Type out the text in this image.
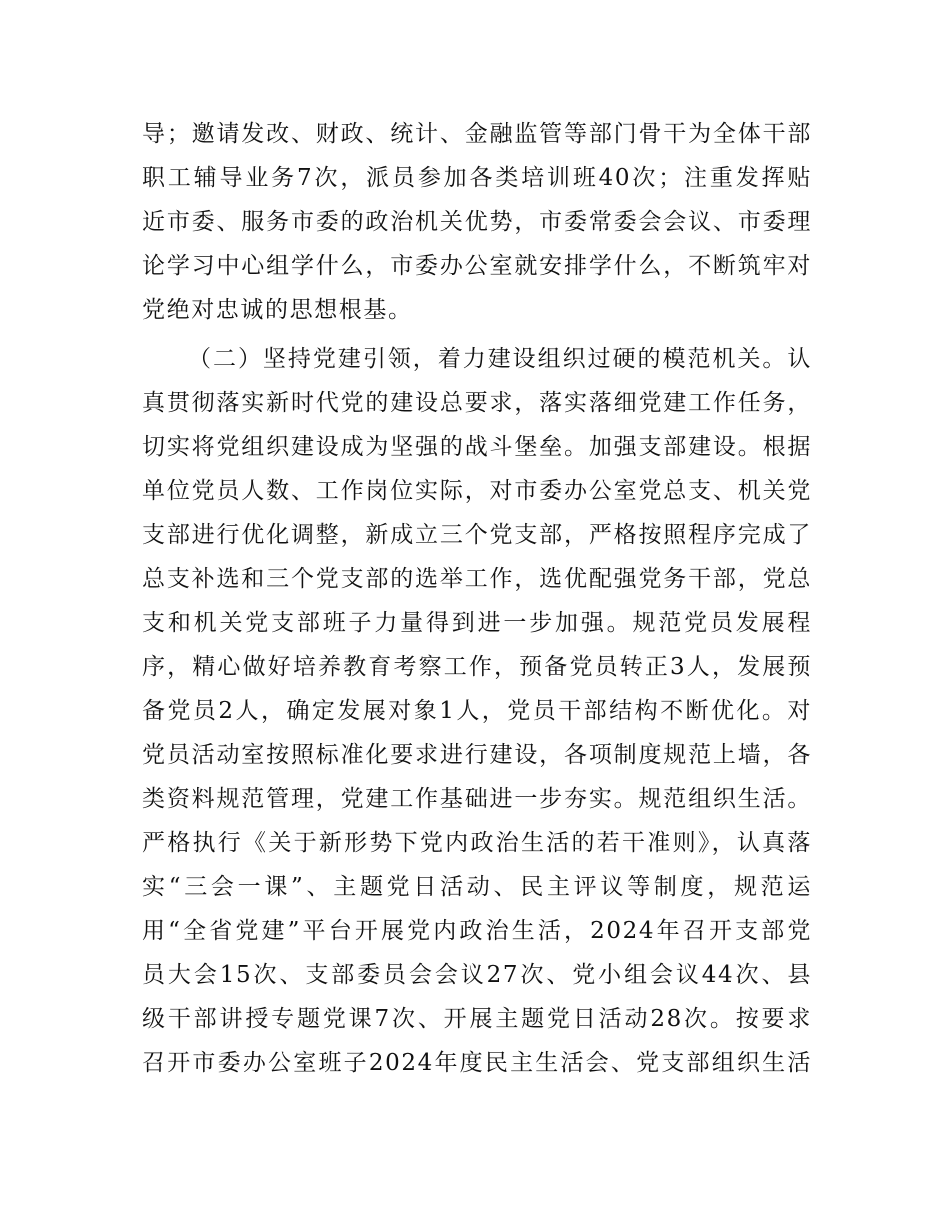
导；邀请发改、财政、统计、金融监管等部门骨干为全体干部
职工辅导业务7次，派员参加各类培训班40次；注重发挥贴
近市委、服务市委的政治机关优势，市委常委会会议、市委理
论学习中心组学什么，市委办公室就安排学什么，不断筑牢对
党绝对忠诚的思想根基。
（二）坚持党建引领，着力建设组织过硬的模范机关。认
真贯彻落实新时代党的建设总要求，落实落细党建工作任务，
切实将党组织建设成为坚强的战斗堡垒。加强支部建设。根据
单位党员人数、工作岗位实际，对市委办公室党总支、机关党
支部进行优化调整，新成立三个党支部，严格按照程序完成了
总支补选和三个党支部的选举工作，选优配强党务干部，党总
支和机关党支部班子力量得到进一步加强。规范党员发展程
序，精心做好培养教育考察工作，预备党员转正3人，发展预
备党员2人，确定发展对象1人，党员干部结构不断优化。对
党员活动室按照标准化要求进行建设，各项制度规范上墙，各
类资料规范管理，党建工作基础进一步夯实。规范组织生活。
严格执行《关于新形势下党内政治生活的若干准则》，认真落
实“三会一课”、主题党日活动、民主评议等制度，规范运
用“全省党建”平台开展党内政治生活，2024年召开支部党
员大会15次、支部委员会会议27次、党小组会议44次、县
级干部讲授专题党课7次、开展主题党日活动28次。按要求
召开市委办公室班子2024年度民主生活会、党支部组织生活
